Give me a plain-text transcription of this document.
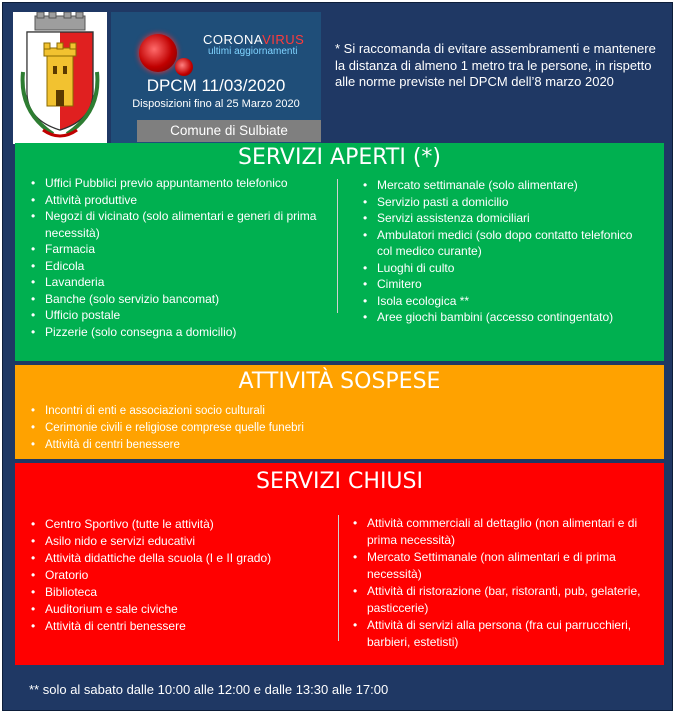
CORONAVIRUS
ultimi aggiornamenti
DPCM 11/03/2020
Disposizioni fino al 25 Marzo 2020
Comune di Sulbiate
* Si raccomanda di evitare assembramenti e mantenere la distanza di almeno 1 metro tra le persone, in rispetto alle norme previste nel DPCM dell’8 marzo 2020
SERVIZI APERTI (*)
• Uffici Pubblici previo appuntamento telefonico
• Attività produttive
• Negozi di vicinato (solo alimentari e generi di prima necessità)
• Farmacia
• Edicola
• Lavanderia
• Banche (solo servizio bancomat)
• Ufficio postale
• Pizzerie (solo consegna a domicilio)
• Mercato settimanale (solo alimentare)
• Servizio pasti a domicilio
• Servizi assistenza domiciliari
• Ambulatori medici (solo dopo contatto telefonico col medico curante)
• Luoghi di culto
• Cimitero
• Isola ecologica **
• Aree giochi bambini (accesso contingentato)
ATTIVITÀ SOSPESE
• Incontri di enti e associazioni socio culturali
• Cerimonie civili e religiose comprese quelle funebri
• Attività di centri benessere
SERVIZI CHIUSI
• Centro Sportivo (tutte le attività)
• Asilo nido e servizi educativi
• Attività didattiche della scuola (I e II grado)
• Oratorio
• Biblioteca
• Auditorium e sale civiche
• Attività di centri benessere
• Attività commerciali al dettaglio (non alimentari e di prima necessità)
• Mercato Settimanale (non alimentari e di prima necessità)
• Attività di ristorazione (bar, ristoranti, pub, gelaterie, pasticcerie)
• Attività di servizi alla persona (fra cui parrucchieri, barbieri, estetisti)
** solo al sabato dalle 10:00 alle 12:00 e dalle 13:30 alle 17:00
